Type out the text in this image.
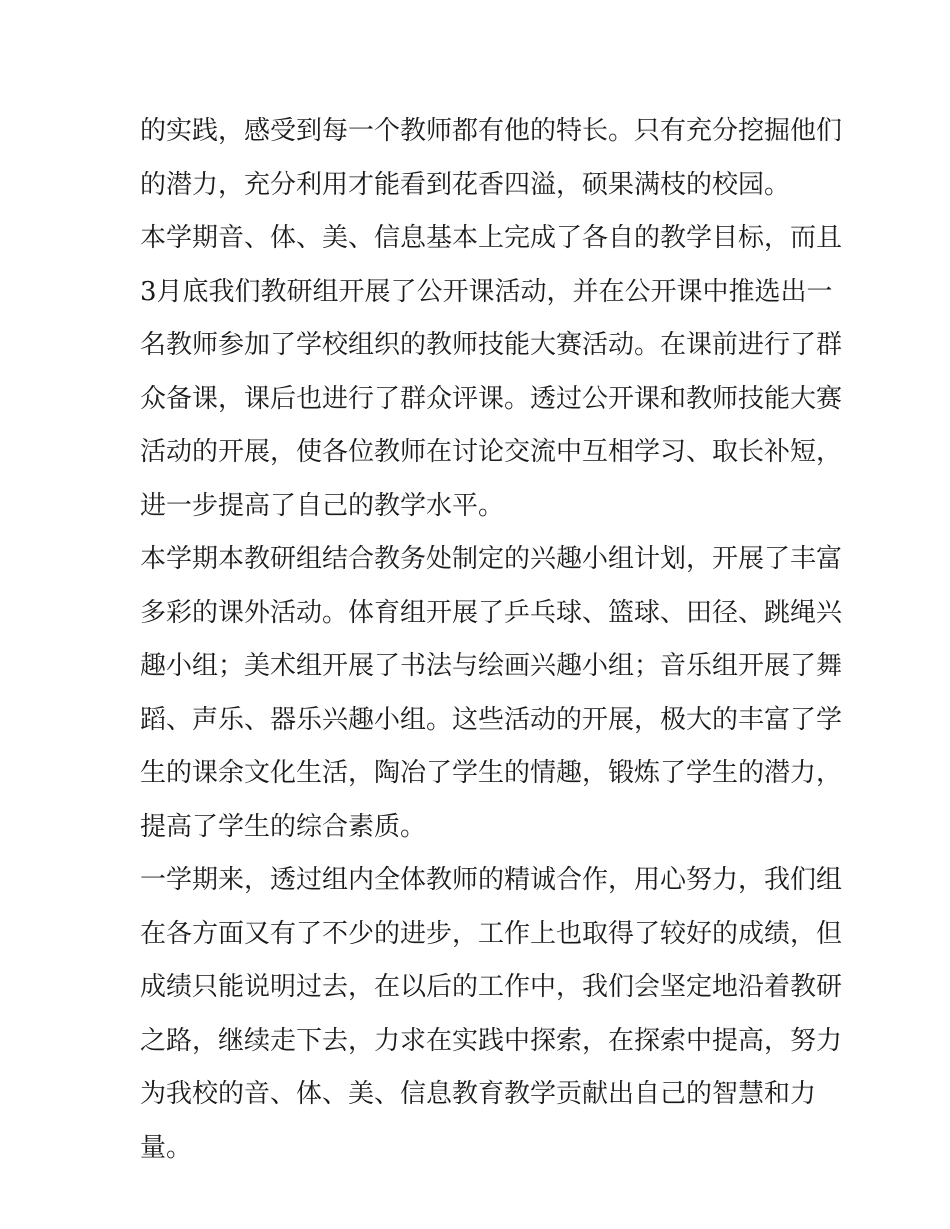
的实践，感受到每一个教师都有他的特长。只有充分挖掘他们
的潜力，充分利用才能看到花香四溢，硕果满枝的校园。
本学期音、体、美、信息基本上完成了各自的教学目标，而且
3月底我们教研组开展了公开课活动，并在公开课中推选出一
名教师参加了学校组织的教师技能大赛活动。在课前进行了群
众备课，课后也进行了群众评课。透过公开课和教师技能大赛
活动的开展，使各位教师在讨论交流中互相学习、取长补短，
进一步提高了自己的教学水平。
本学期本教研组结合教务处制定的兴趣小组计划，开展了丰富
多彩的课外活动。体育组开展了乒乓球、篮球、田径、跳绳兴
趣小组；美术组开展了书法与绘画兴趣小组；音乐组开展了舞
蹈、声乐、器乐兴趣小组。这些活动的开展，极大的丰富了学
生的课余文化生活，陶冶了学生的情趣，锻炼了学生的潜力，
提高了学生的综合素质。
一学期来，透过组内全体教师的精诚合作，用心努力，我们组
在各方面又有了不少的进步，工作上也取得了较好的成绩，但
成绩只能说明过去，在以后的工作中，我们会坚定地沿着教研
之路，继续走下去，力求在实践中探索，在探索中提高，努力
为我校的音、体、美、信息教育教学贡献出自己的智慧和力
量。
